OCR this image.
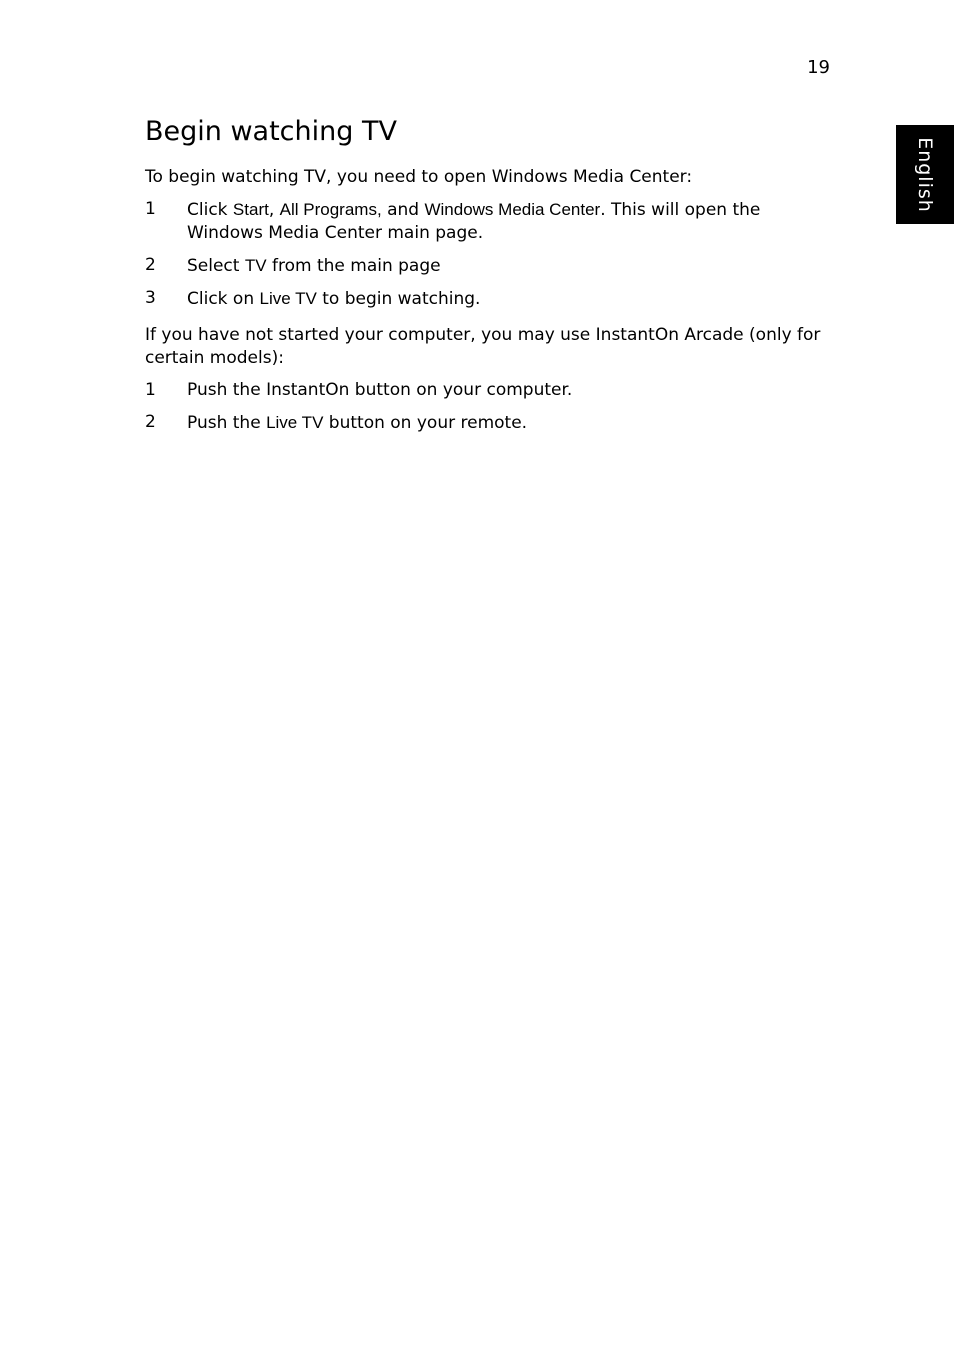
19
English
Begin watching TV

To begin watching TV, you need to open Windows Media Center:

1	Click Start, All Programs, and Windows Media Center. This will open the Windows Media Center main page.
2	Select TV from the main page
3	Click on Live TV to begin watching.

If you have not started your computer, you may use InstantOn Arcade (only for certain models):

1	Push the InstantOn button on your computer.
2	Push the Live TV button on your remote.
